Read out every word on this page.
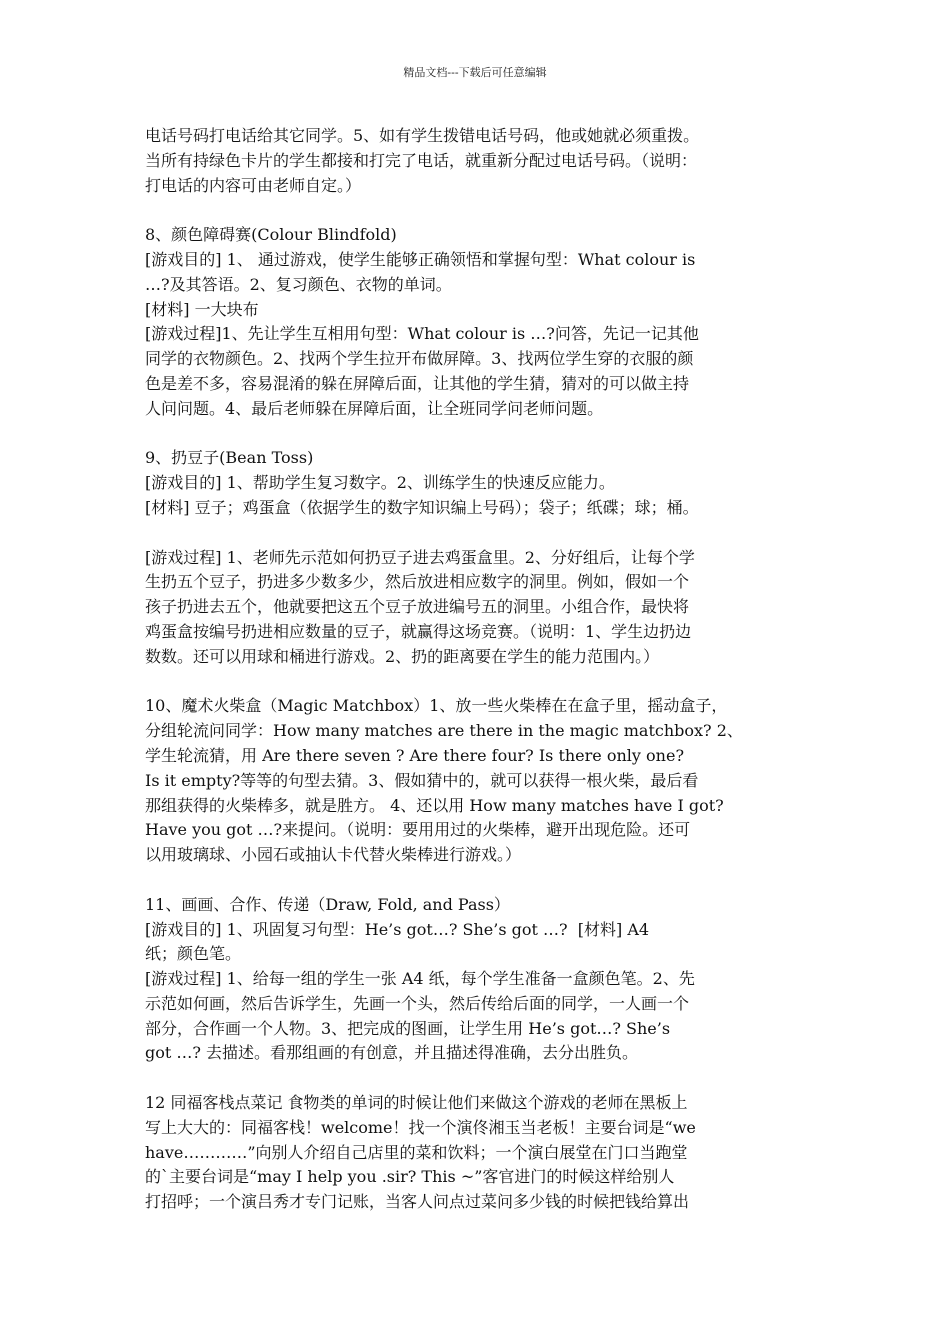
精品文档---下载后可任意编辑
电话号码打电话给其它同学。5、如有学生拨错电话号码，他或她就必须重拨。
当所有持绿色卡片的学生都接和打完了电话，就重新分配过电话号码。（说明：
打电话的内容可由老师自定。）
8、颜色障碍赛(Colour Blindfold)
[游戏目的] 1、 通过游戏，使学生能够正确领悟和掌握句型：What colour is
…?及其答语。2、复习颜色、衣物的单词。
[材料] 一大块布
[游戏过程]1、先让学生互相用句型：What colour is …?问答，先记一记其他
同学的衣物颜色。2、找两个学生拉开布做屏障。3、找两位学生穿的衣服的颜
色是差不多，容易混淆的躲在屏障后面，让其他的学生猜，猜对的可以做主持
人问问题。4、最后老师躲在屏障后面，让全班同学问老师问题。
9、扔豆子(Bean Toss)
[游戏目的] 1、帮助学生复习数字。2、训练学生的快速反应能力。
[材料] 豆子；鸡蛋盒（依据学生的数字知识编上号码）；袋子；纸碟；球；桶。
[游戏过程] 1、老师先示范如何扔豆子进去鸡蛋盒里。2、分好组后，让每个学
生扔五个豆子，扔进多少数多少，然后放进相应数字的洞里。例如，假如一个
孩子扔进去五个，他就要把这五个豆子放进编号五的洞里。小组合作，最快将
鸡蛋盒按编号扔进相应数量的豆子，就赢得这场竞赛。（说明：1、学生边扔边
数数。还可以用球和桶进行游戏。2、扔的距离要在学生的能力范围内。）
10、魔术火柴盒（Magic Matchbox）1、放一些火柴棒在在盒子里，摇动盒子，
分组轮流问同学：How many matches are there in the magic matchbox? 2、
学生轮流猜，用 Are there seven ? Are there four? Is there only one?
Is it empty?等等的句型去猜。3、假如猜中的，就可以获得一根火柴，最后看
那组获得的火柴棒多，就是胜方。 4、还以用 How many matches have I got?
Have you got …?来提问。（说明：要用用过的火柴棒，避开出现危险。还可
以用玻璃球、小园石或抽认卡代替火柴棒进行游戏。）
11、画画、合作、传递（Draw, Fold, and Pass）
[游戏目的] 1、巩固复习句型：He’s got…? She’s got …?  [材料] A4
纸；颜色笔。
[游戏过程] 1、给每一组的学生一张 A4 纸，每个学生准备一盒颜色笔。2、先
示范如何画，然后告诉学生，先画一个头，然后传给后面的同学，一人画一个
部分，合作画一个人物。3、把完成的图画，让学生用 He’s got…? She’s
got …? 去描述。看那组画的有创意，并且描述得准确，去分出胜负。
12 同福客栈点菜记 食物类的单词的时候让他们来做这个游戏的老师在黑板上
写上大大的：同福客栈！welcome！找一个演佟湘玉当老板！主要台词是“we
have…………”向别人介绍自己店里的菜和饮料；一个演白展堂在门口当跑堂
的`主要台词是“may I help you .sir? This ~”客官进门的时候这样给别人
打招呼；一个演吕秀才专门记账，当客人问点过菜问多少钱的时候把钱给算出
